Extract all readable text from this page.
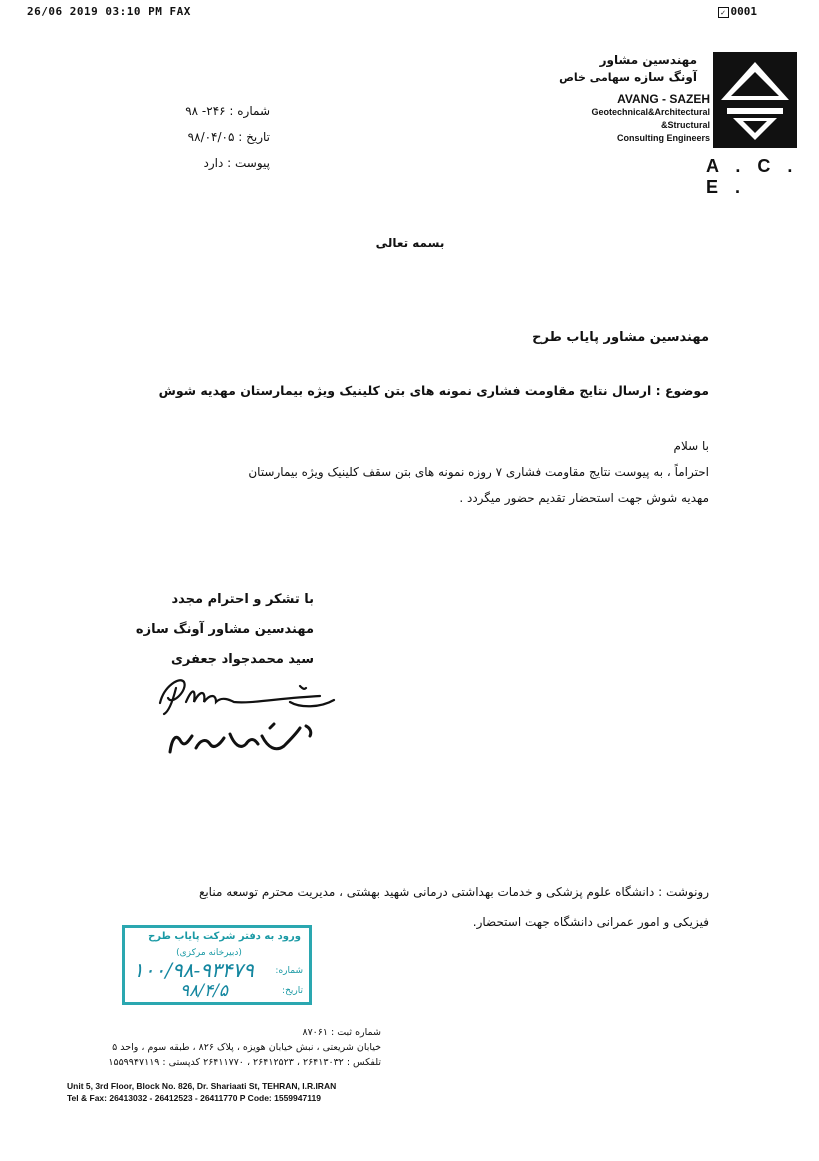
26/06 2019 03:10 PM FAX	✓ 0001
A . C . E .
مهندسین مشاور
آونگ سازه سهامی خاص
AVANG - SAZEH
Geotechnical&Architectural
&Structural
Consulting Engineers
شماره : ۲۴۶- ۹۸
تاریخ : ۹۸/۰۴/۰۵
پیوست : دارد
بسمه تعالی
مهندسین مشاور پایاب طرح
موضوع : ارسال نتایج مقاومت فشاری نمونه های بتن کلینیک ویژه بیمارستان مهدیه شوش
با سلام
احتراماً ، به پیوست نتایج مقاومت فشاری ۷ روزه نمونه های بتن سقف کلینیک ویژه بیمارستان
مهدیه شوش جهت استحضار تقدیم حضور میگردد .
با تشکر و احترام مجدد
مهندسین مشاور آونگ سازه
سید محمدجواد جعفری
رونوشت : دانشگاه علوم پزشکی و خدمات بهداشتی درمانی شهید بهشتی ، مدیریت محترم توسعه منابع
فیزیکی و امور عمرانی دانشگاه جهت استحضار.
ورود به دفتر شرکت پایاب طرح
(دبیرخانه مرکزی)
شماره:
تاریخ:
۱۰۰/۹۸-۹۳۴۷۹
۹۸/۴/۵
شماره ثبت : ۸۷۰۶۱
خیابان شریعتی ، نبش خیابان هویزه ، پلاک ۸۲۶ ، طبقه سوم ، واحد ۵
تلفکس : ۲۶۴۱۳۰۳۲ ، ۲۶۴۱۲۵۲۳ ، ۲۶۴۱۱۷۷۰ کدپستی : ۱۵۵۹۹۴۷۱۱۹
Unit 5, 3rd Floor, Block No. 826, Dr. Shariaati St, TEHRAN, I.R.IRAN
Tel & Fax: 26413032 - 26412523 - 26411770 P Code: 1559947119
